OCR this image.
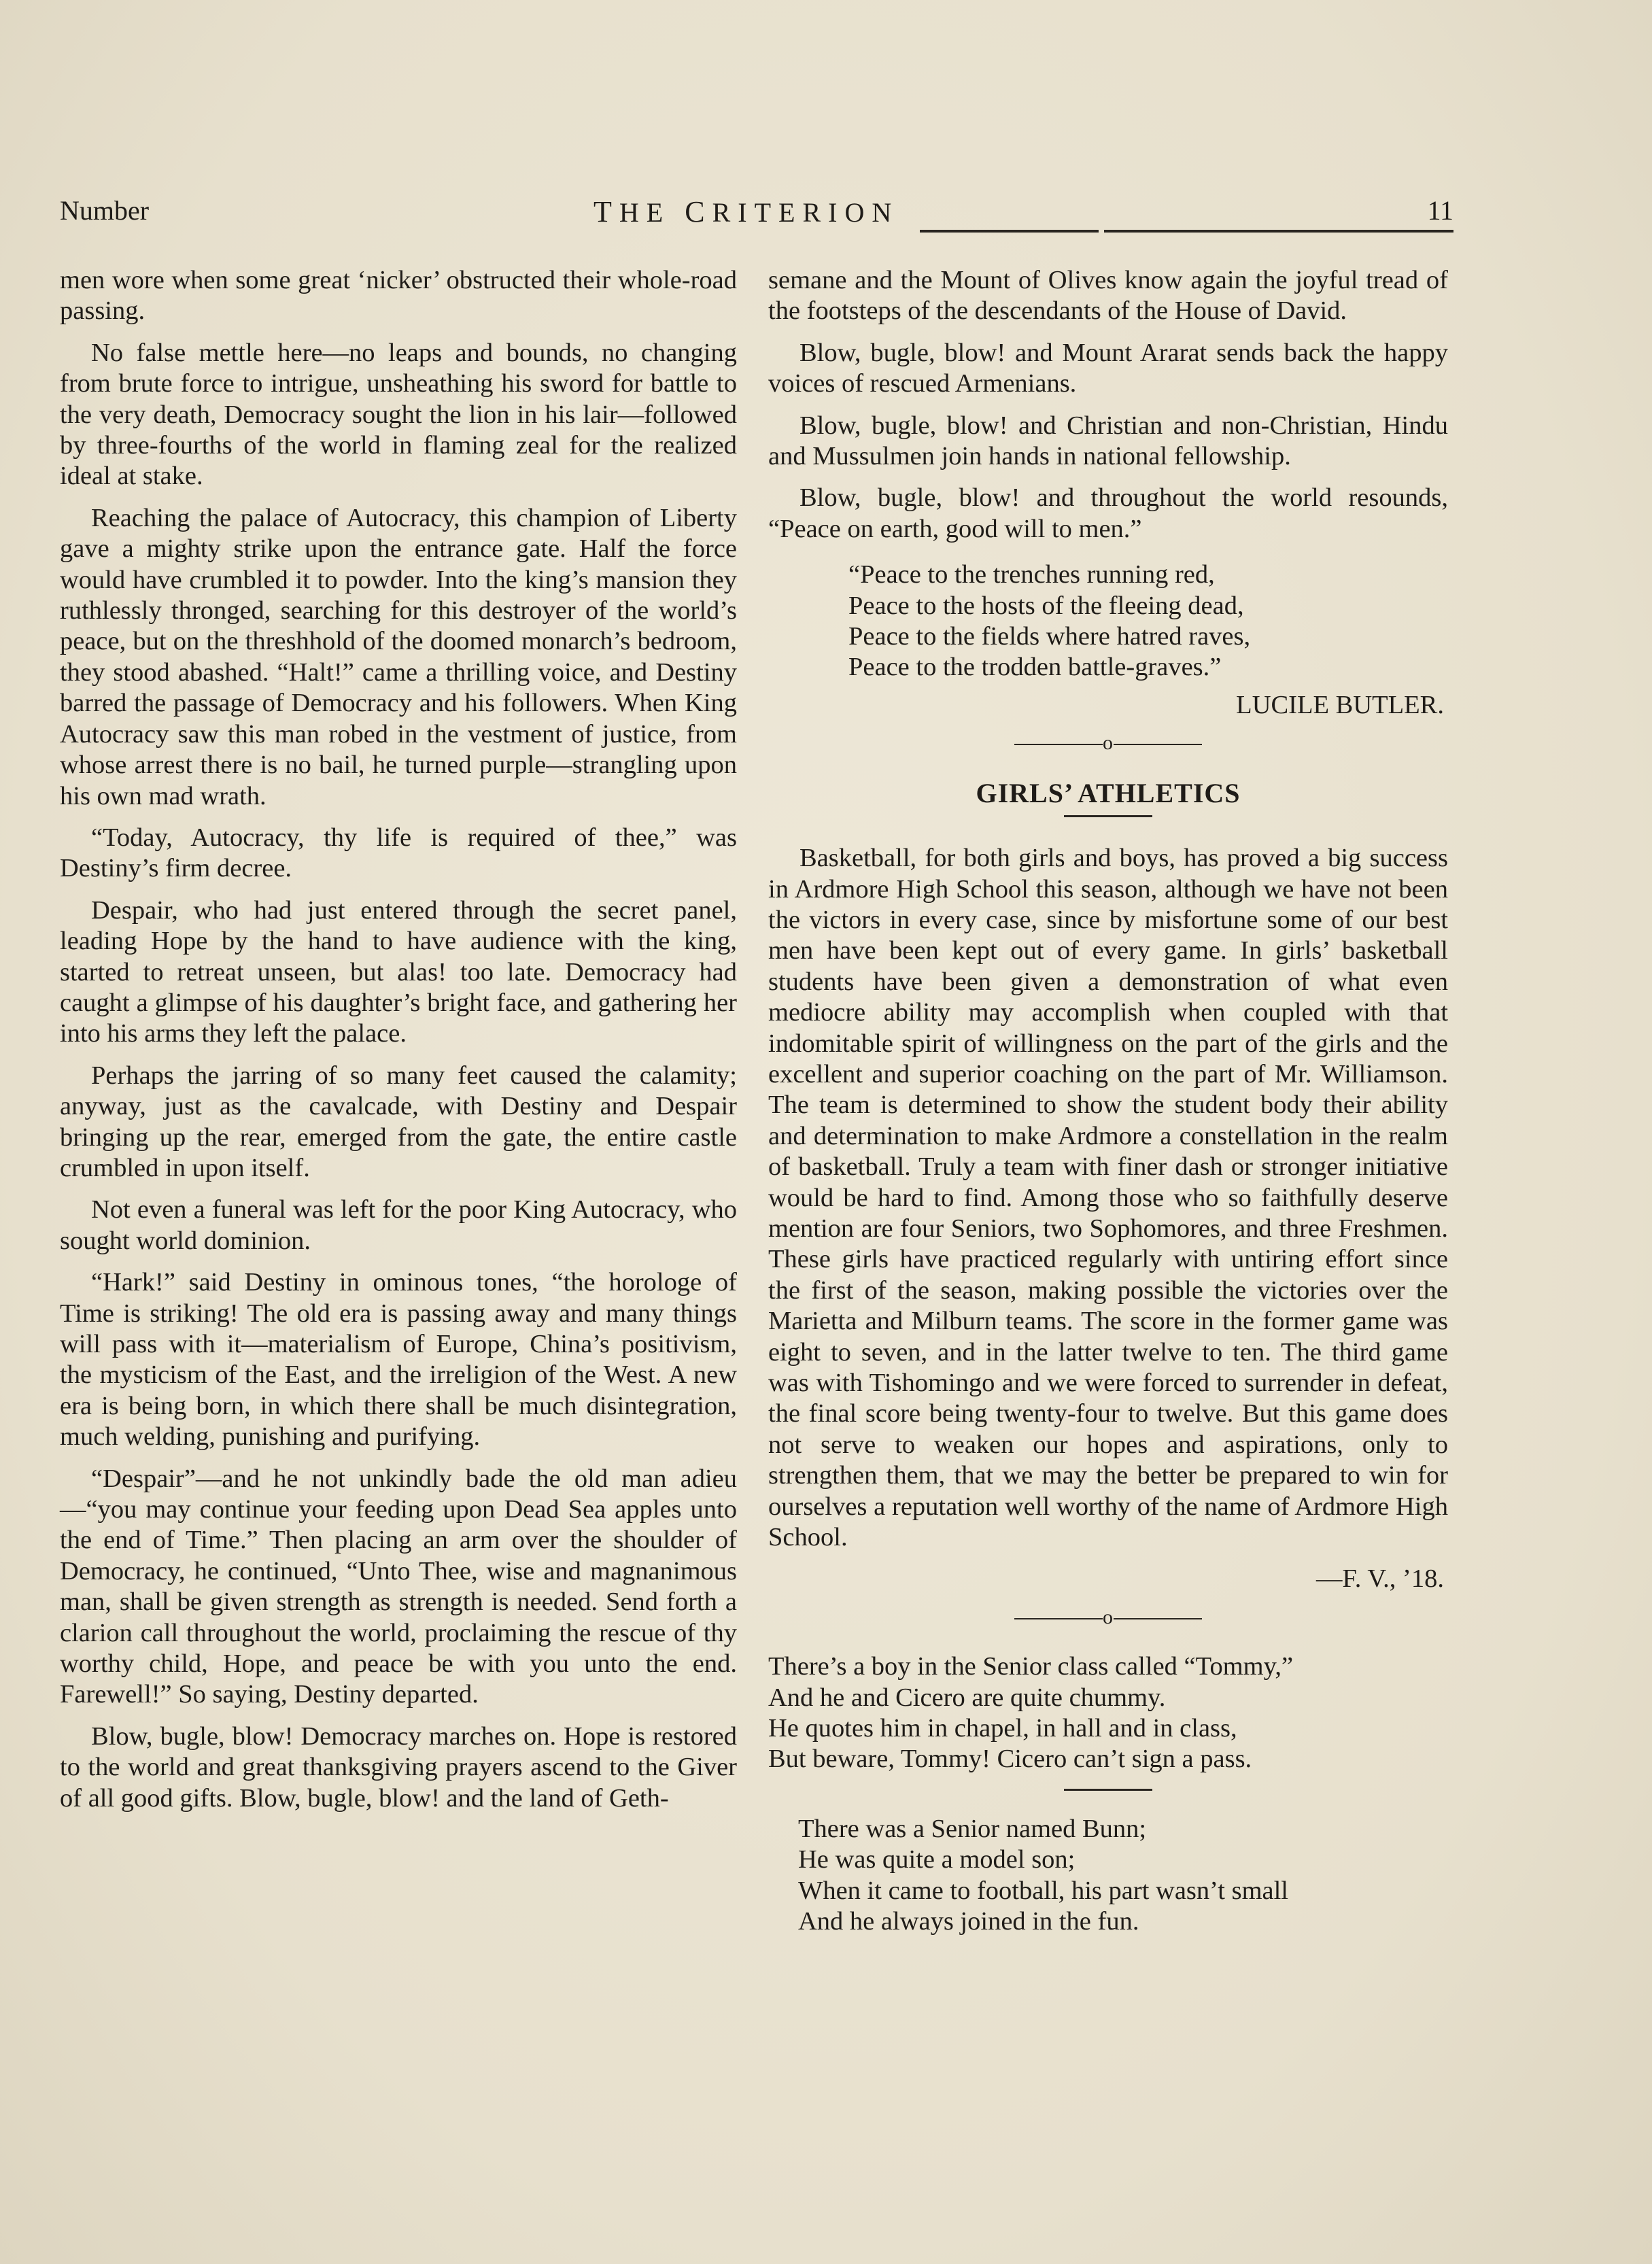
Number	THE CRITERION	11

men wore when some great ‘nicker’ obstructed their whole-road passing.

No false mettle here—no leaps and bounds, no changing from brute force to intrigue, unsheathing his sword for battle to the very death, Democracy sought the lion in his lair—followed by three-fourths of the world in flaming zeal for the realized ideal at stake.

Reaching the palace of Autocracy, this champion of Liberty gave a mighty strike upon the entrance gate. Half the force would have crumbled it to powder. Into the king’s mansion they ruthlessly thronged, searching for this destroyer of the world’s peace, but on the threshhold of the doomed monarch’s bedroom, they stood abashed. “Halt!” came a thrilling voice, and Destiny barred the passage of Democracy and his followers. When King Autocracy saw this man robed in the vestment of justice, from whose arrest there is no bail, he turned purple—strangling upon his own mad wrath.

“Today, Autocracy, thy life is required of thee,” was Destiny’s firm decree.

Despair, who had just entered through the secret panel, leading Hope by the hand to have audience with the king, started to retreat unseen, but alas! too late. Democracy had caught a glimpse of his daughter’s bright face, and gathering her into his arms they left the palace.

Perhaps the jarring of so many feet caused the calamity; anyway, just as the cavalcade, with Destiny and Despair bringing up the rear, emerged from the gate, the entire castle crumbled in upon itself.

Not even a funeral was left for the poor King Autocracy, who sought world dominion.

“Hark!” said Destiny in ominous tones, “the horologe of Time is striking! The old era is passing away and many things will pass with it—materialism of Europe, China’s positivism, the mysticism of the East, and the irreligion of the West. A new era is being born, in which there shall be much disintegration, much welding, punishing and purifying.

“Despair”—and he not unkindly bade the old man adieu—“you may continue your feeding upon Dead Sea apples unto the end of Time.” Then placing an arm over the shoulder of Democracy, he continued, “Unto Thee, wise and magnanimous man, shall be given strength as strength is needed. Send forth a clarion call throughout the world, proclaiming the rescue of thy worthy child, Hope, and peace be with you unto the end. Farewell!” So saying, Destiny departed.

Blow, bugle, blow! Democracy marches on. Hope is restored to the world and great thanksgiving prayers ascend to the Giver of all good gifts. Blow, bugle, blow! and the land of Geth-

semane and the Mount of Olives know again the joyful tread of the footsteps of the descendants of the House of David.

Blow, bugle, blow! and Mount Ararat sends back the happy voices of rescued Armenians.

Blow, bugle, blow! and Christian and non-Christian, Hindu and Mussulmen join hands in national fellowship.

Blow, bugle, blow! and throughout the world resounds, “Peace on earth, good will to men.”

“Peace to the trenches running red,
Peace to the hosts of the fleeing dead,
Peace to the fields where hatred raves,
Peace to the trodden battle-graves.”
LUCILE BUTLER.
o
GIRLS’ ATHLETICS

Basketball, for both girls and boys, has proved a big success in Ardmore High School this season, although we have not been the victors in every case, since by misfortune some of our best men have been kept out of every game. In girls’ basketball students have been given a demonstration of what even mediocre ability may accomplish when coupled with that indomitable spirit of willingness on the part of the girls and the excellent and superior coaching on the part of Mr. Williamson. The team is determined to show the student body their ability and determination to make Ardmore a constellation in the realm of basketball. Truly a team with finer dash or stronger initiative would be hard to find. Among those who so faithfully deserve mention are four Seniors, two Sophomores, and three Freshmen. These girls have practiced regularly with untiring effort since the first of the season, making possible the victories over the Marietta and Milburn teams. The score in the former game was eight to seven, and in the latter twelve to ten. The third game was with Tishomingo and we were forced to surrender in defeat, the final score being twenty-four to twelve. But this game does not serve to weaken our hopes and aspirations, only to strengthen them, that we may the better be prepared to win for ourselves a reputation well worthy of the name of Ardmore High School.

—F. V., ’18.
o
There’s a boy in the Senior class called “Tommy,”
And he and Cicero are quite chummy.
He quotes him in chapel, in hall and in class,
But beware, Tommy! Cicero can’t sign a pass.
There was a Senior named Bunn;
He was quite a model son;
When it came to football, his part wasn’t small
And he always joined in the fun.
